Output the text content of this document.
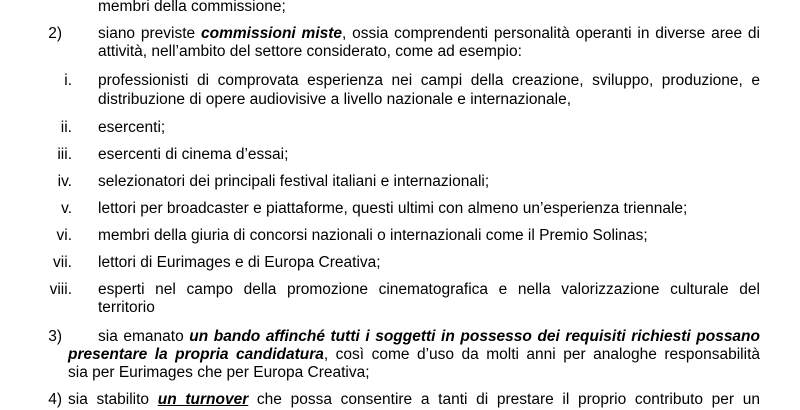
membri della commissione;
2) siano previste commissioni miste, ossia comprendenti personalità operanti in diverse aree di
attività, nell’ambito del settore considerato, come ad esempio:
i. professionisti di comprovata esperienza nei campi della creazione, sviluppo, produzione, e
distribuzione di opere audiovisive a livello nazionale e internazionale,
ii. esercenti;
iii. esercenti di cinema d’essai;
iv. selezionatori dei principali festival italiani e internazionali;
v. lettori per broadcaster e piattaforme, questi ultimi con almeno un’esperienza triennale;
vi. membri della giuria di concorsi nazionali o internazionali come il Premio Solinas;
vii. lettori di Eurimages e di Europa Creativa;
viii. esperti nel campo della promozione cinematografica e nella valorizzazione culturale del
territorio
3) sia emanato un bando affinché tutti i soggetti in possesso dei requisiti richiesti possano
presentare la propria candidatura, così come d’uso da molti anni per analoghe responsabilità
sia per Eurimages che per Europa Creativa;
4) sia stabilito un turnover che possa consentire a tanti di prestare il proprio contributo per un
